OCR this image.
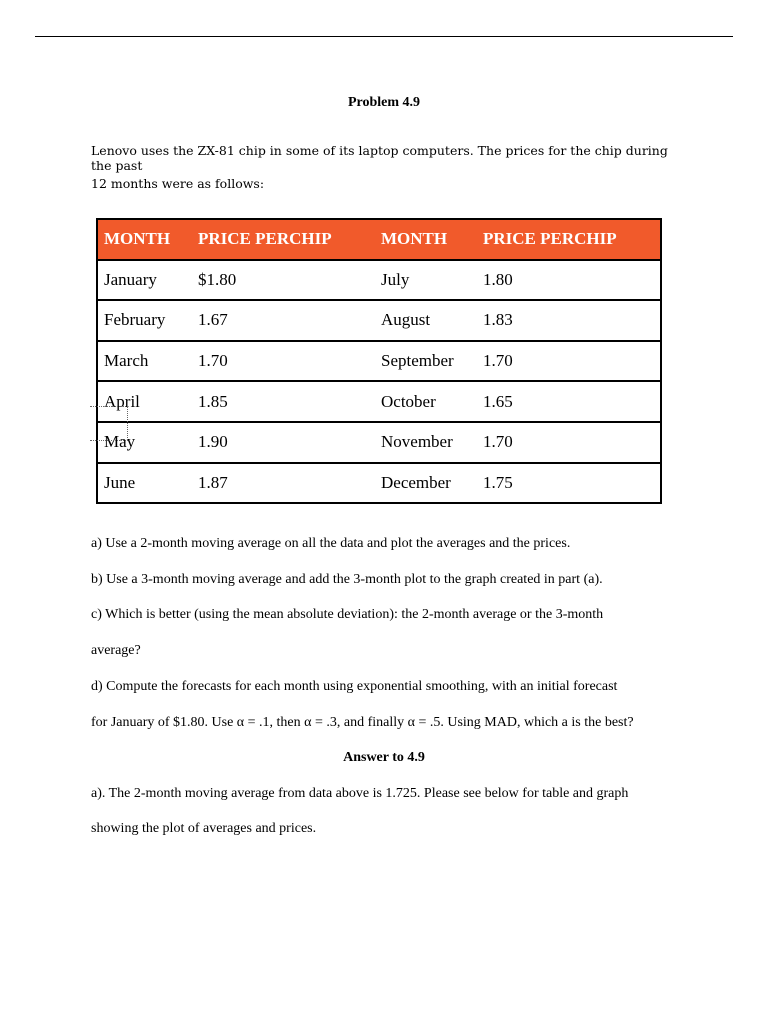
Problem 4.9
Lenovo uses the ZX-81 chip in some of its laptop computers. The prices for the chip during the past
12 months were as follows:
MONTH	PRICE PERCHIP	MONTH	PRICE PERCHIP
January	$1.80	July	1.80
February	1.67	August	1.83
March	1.70	September	1.70
April	1.85	October	1.65
May	1.90	November	1.70
June	1.87	December	1.75
a) Use a 2-month moving average on all the data and plot the averages and the prices.
b) Use a 3-month moving average and add the 3-month plot to the graph created in part (a).
c) Which is better (using the mean absolute deviation): the 2-month average or the 3-month
average?
d) Compute the forecasts for each month using exponential smoothing, with an initial forecast
for January of $1.80. Use α = .1, then α = .3, and finally α = .5. Using MAD, which a is the best?
Answer to 4.9
a). The 2-month moving average from data above is 1.725. Please see below for table and graph
showing the plot of averages and prices.
